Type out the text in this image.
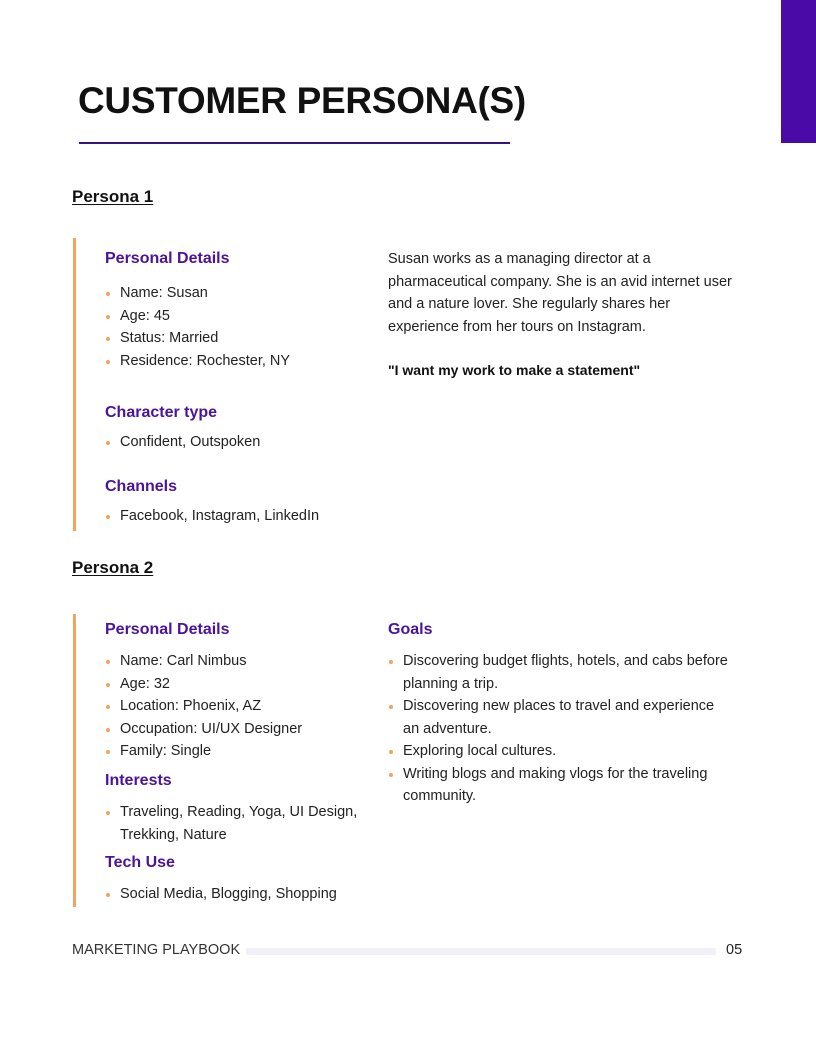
CUSTOMER PERSONA(S)
Persona 1
Personal Details
Name: Susan
Age: 45
Status: Married
Residence: Rochester, NY
Character type
Confident, Outspoken
Channels
Facebook, Instagram, LinkedIn

Susan works as a managing director at a pharmaceutical company. She is an avid internet user and a nature lover. She regularly shares her experience from her tours on Instagram.

"I want my work to make a statement"

Persona 2
Personal Details
Name: Carl Nimbus
Age: 32
Location: Phoenix, AZ
Occupation: UI/UX Designer
Family: Single
Interests
Traveling, Reading, Yoga, UI Design, Trekking, Nature
Tech Use
Social Media, Blogging, Shopping
Goals
Discovering budget flights, hotels, and cabs before planning a trip.
Discovering new places to travel and experience an adventure.
Exploring local cultures.
Writing blogs and making vlogs for the traveling community.

MARKETING PLAYBOOK	05
